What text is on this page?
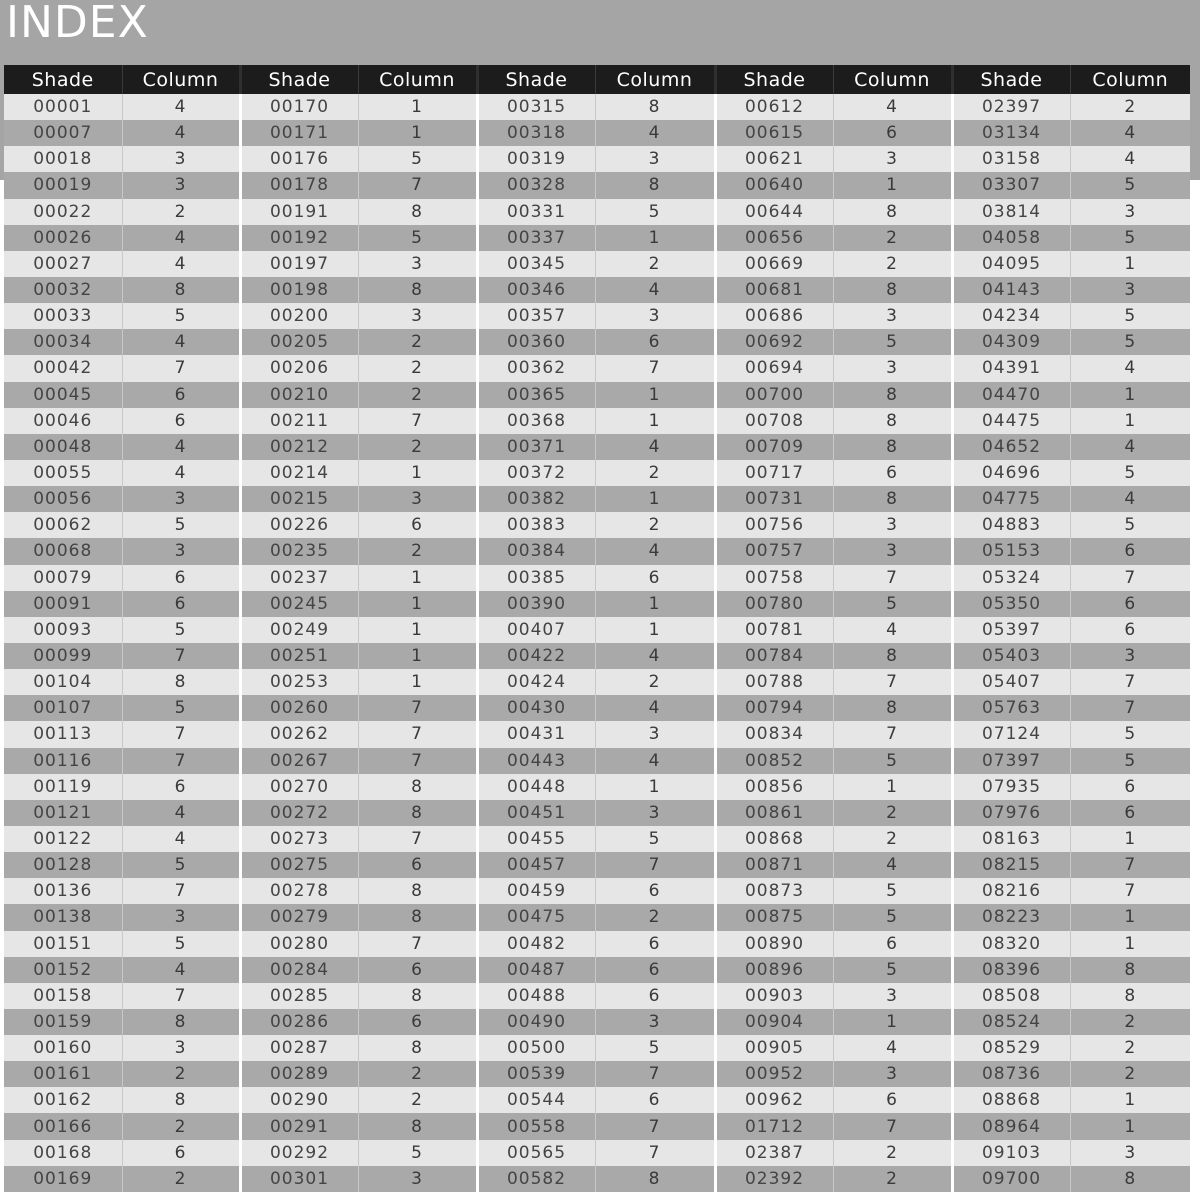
INDEX
Shade	Column	Shade	Column	Shade	Column	Shade	Column	Shade	Column
00001	4	00170	1	00315	8	00612	4	02397	2
00007	4	00171	1	00318	4	00615	6	03134	4
00018	3	00176	5	00319	3	00621	3	03158	4
00019	3	00178	7	00328	8	00640	1	03307	5
00022	2	00191	8	00331	5	00644	8	03814	3
00026	4	00192	5	00337	1	00656	2	04058	5
00027	4	00197	3	00345	2	00669	2	04095	1
00032	8	00198	8	00346	4	00681	8	04143	3
00033	5	00200	3	00357	3	00686	3	04234	5
00034	4	00205	2	00360	6	00692	5	04309	5
00042	7	00206	2	00362	7	00694	3	04391	4
00045	6	00210	2	00365	1	00700	8	04470	1
00046	6	00211	7	00368	1	00708	8	04475	1
00048	4	00212	2	00371	4	00709	8	04652	4
00055	4	00214	1	00372	2	00717	6	04696	5
00056	3	00215	3	00382	1	00731	8	04775	4
00062	5	00226	6	00383	2	00756	3	04883	5
00068	3	00235	2	00384	4	00757	3	05153	6
00079	6	00237	1	00385	6	00758	7	05324	7
00091	6	00245	1	00390	1	00780	5	05350	6
00093	5	00249	1	00407	1	00781	4	05397	6
00099	7	00251	1	00422	4	00784	8	05403	3
00104	8	00253	1	00424	2	00788	7	05407	7
00107	5	00260	7	00430	4	00794	8	05763	7
00113	7	00262	7	00431	3	00834	7	07124	5
00116	7	00267	7	00443	4	00852	5	07397	5
00119	6	00270	8	00448	1	00856	1	07935	6
00121	4	00272	8	00451	3	00861	2	07976	6
00122	4	00273	7	00455	5	00868	2	08163	1
00128	5	00275	6	00457	7	00871	4	08215	7
00136	7	00278	8	00459	6	00873	5	08216	7
00138	3	00279	8	00475	2	00875	5	08223	1
00151	5	00280	7	00482	6	00890	6	08320	1
00152	4	00284	6	00487	6	00896	5	08396	8
00158	7	00285	8	00488	6	00903	3	08508	8
00159	8	00286	6	00490	3	00904	1	08524	2
00160	3	00287	8	00500	5	00905	4	08529	2
00161	2	00289	2	00539	7	00952	3	08736	2
00162	8	00290	2	00544	6	00962	6	08868	1
00166	2	00291	8	00558	7	01712	7	08964	1
00168	6	00292	5	00565	7	02387	2	09103	3
00169	2	00301	3	00582	8	02392	2	09700	8
